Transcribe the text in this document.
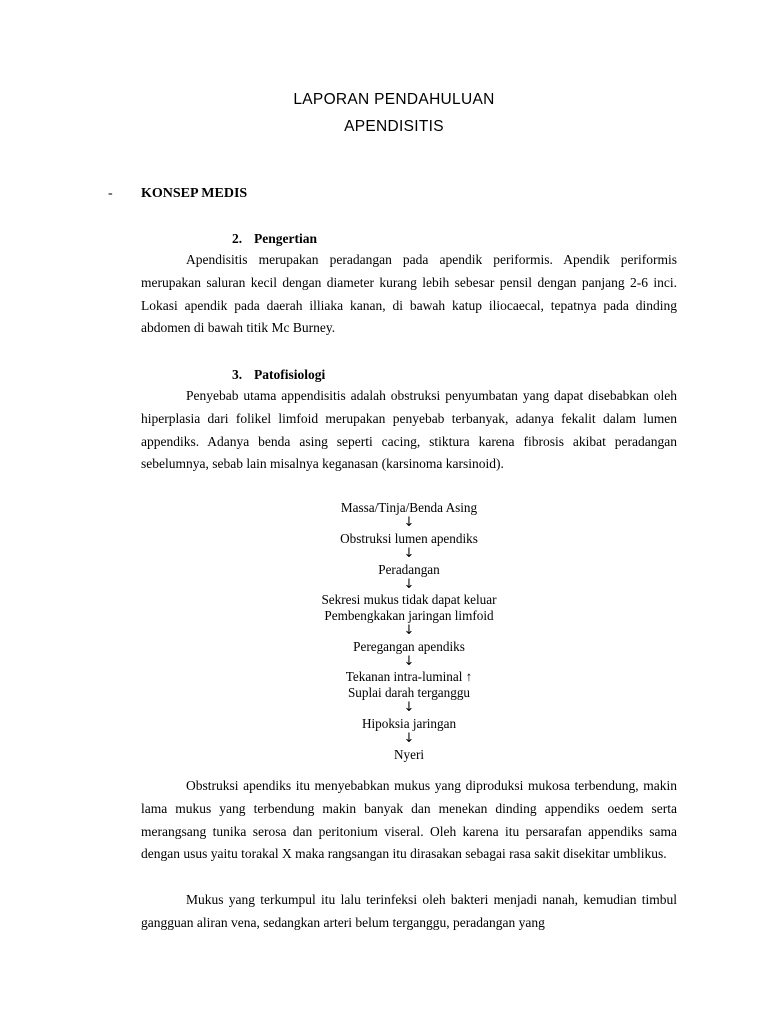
LAPORAN PENDAHULUAN
APENDISITIS
- KONSEP MEDIS
2. Pengertian

Apendisitis merupakan peradangan pada apendik periformis. Apendik periformis merupakan saluran kecil dengan diameter kurang lebih sebesar pensil dengan panjang 2-6 inci. Lokasi apendik pada daerah illiaka kanan, di bawah katup iliocaecal, tepatnya pada dinding abdomen di bawah titik Mc Burney.

3. Patofisiologi

Penyebab utama appendisitis adalah obstruksi penyumbatan yang dapat disebabkan oleh hiperplasia dari folikel limfoid merupakan penyebab terbanyak, adanya fekalit dalam lumen appendiks. Adanya benda asing seperti cacing, stiktura karena fibrosis akibat peradangan sebelumnya, sebab lain misalnya keganasan (karsinoma karsinoid).

Massa/Tinja/Benda Asing
↓
Obstruksi lumen apendiks
↓
Peradangan
↓
Sekresi mukus tidak dapat keluar
Pembengkakan jaringan limfoid
↓
Peregangan apendiks
↓
Tekanan intra-luminal ↑
Suplai darah terganggu
↓
Hipoksia jaringan
↓
Nyeri

Obstruksi apendiks itu menyebabkan mukus yang diproduksi mukosa terbendung, makin lama mukus yang terbendung makin banyak dan menekan dinding appendiks oedem serta merangsang tunika serosa dan peritonium viseral. Oleh karena itu persarafan appendiks sama dengan usus yaitu torakal X maka rangsangan itu dirasakan sebagai rasa sakit disekitar umblikus.

Mukus yang terkumpul itu lalu terinfeksi oleh bakteri menjadi nanah, kemudian timbul gangguan aliran vena, sedangkan arteri belum terganggu, peradangan yang
